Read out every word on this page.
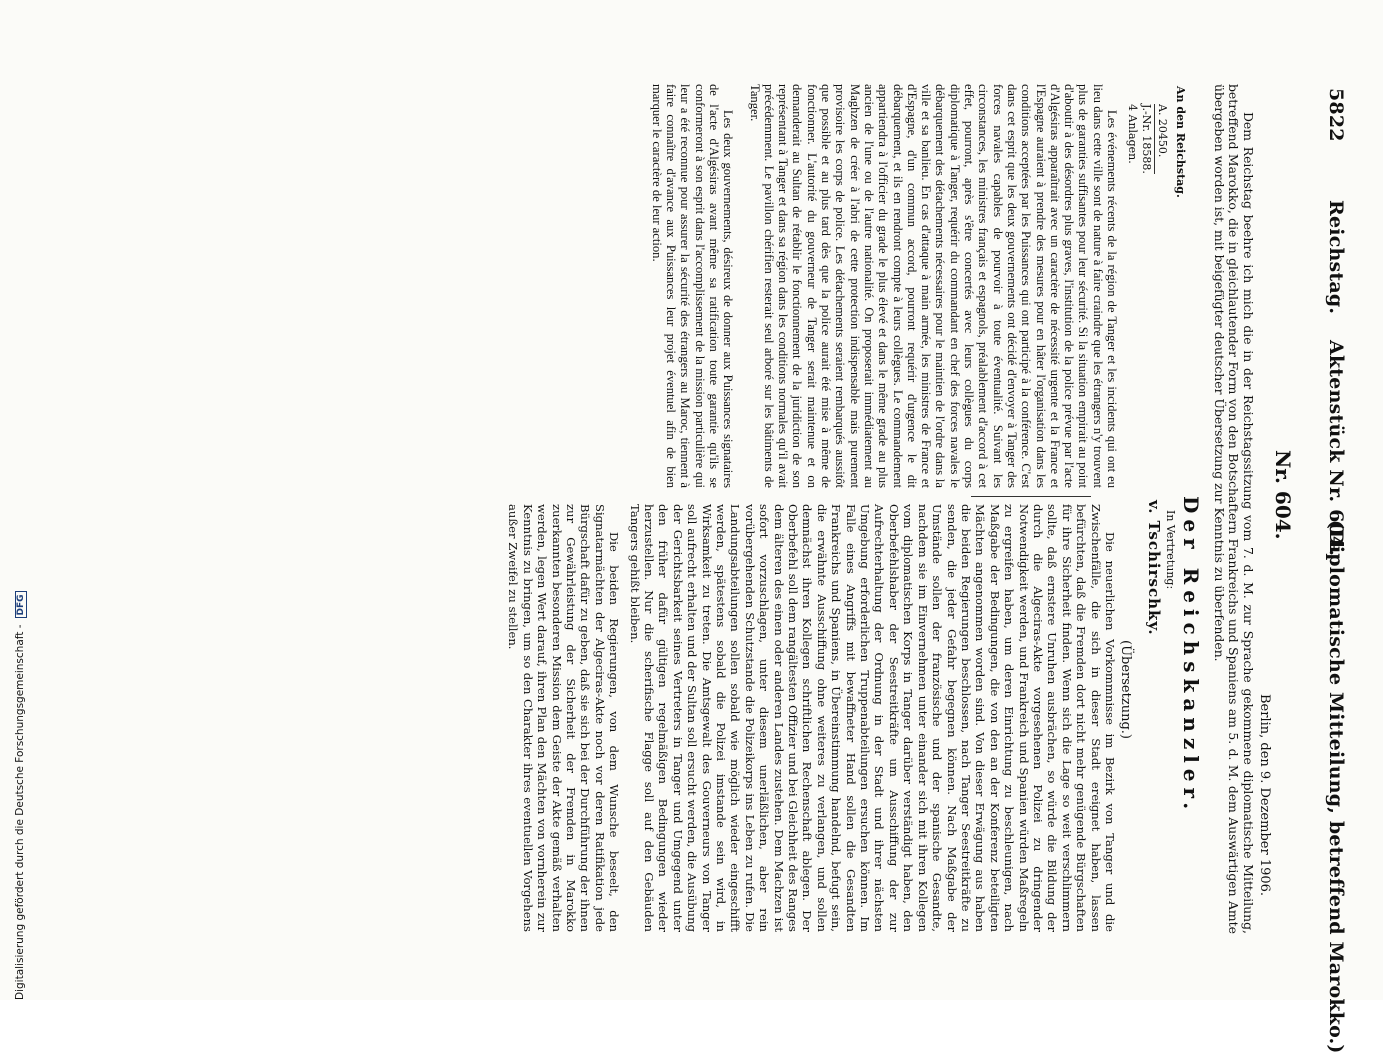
5822
Reichstag.
Aktenstück Nr. 604.
(Diplomatische Mitteilung, betreffend Marokko.)
Nr. 604.
Berlin, den 9. Dezember 1906.

Dem Reichstag beehre ich mich die in der Reichstagssitzung vom 7. d. M. zur Sprache gekommene diplomatische Mitteilung, betreffend Marokko, die in gleichlautender Form von den Botschaftern Frankreichs und Spaniens am 5. d. M. dem Auswärtigen Amte übergeben worden ist, mit beigefügter deutscher Übersetzung zur Kenntnis zu überfenden.

Der Reichskanzler.
In Vertretung:
v. Tschirschky.
An den Reichstag.
A. 20450.
J.-Nr. 18588.
4 Anlagen.

Les événements récents de la région de Tanger et les incidents qui ont eu lieu dans cette ville sont de nature à faire craindre que les étrangers n'y trouvent plus de garanties suffisantes pour leur sécurité. Si la situation empirait au point d'aboutir à des désordres plus graves, l'institution de la police prévue par l'acte d'Algésiras apparaîtrait avec un caractère de nécessité urgente et la France et l'Espagne auraient à prendre des mesures pour en hâter l'organisation dans les conditions acceptées par les Puissances qui ont participé à la conférence. C'est dans cet esprit que les deux gouvernements ont décidé d'envoyer à Tanger des forces navales capables de pourvoir à toute éventualité. Suivant les circonstances, les ministres français et espagnols, préalablement d'accord à cet effet, pourront, après s'être concertés avec leurs collègues du corps diplomatique à Tanger, requérir du commandant en chef des forces navales le débarquement des détachements nécessaires pour le maintien de l'ordre dans la ville et sa banlieu. En cas d'attaque à main armée, les ministres de France et d'Espagne, d'un commun accord, pourront requérir d'urgence le dit débarquement, et ils en rendront compte à leurs collègues. Le commandement appartiendra à l'officier du grade le plus élevé et dans le même grade au plus ancien de l'une ou de l'autre nationalité. On proposerait immédiatement au Maghzen de créer à l'abri de cette protection indispensable mais purement provisoire les corps de police. Les détachements seraient rembarqués aussitôt que possible et au plus tard dès que la police aurait été mise à même de fonctionner. L'autorité du gouverneur de Tanger serait maintenue et on demanderait au Sultan de rétablir le fonctionnement de la juridiction de son représentant à Tanger et dans sa région dans les conditions normales qu'il avait précédemment. Le pavillon chérifien resterait seul arboré sur les bâtiments de Tanger.

Les deux gouvernements, désireux de donner aux Puissances signataires de l'acte d'Algésiras avant même sa ratification toute garantie qu'ils se conformeront à son esprit dans l'accomplissement de la mission particulière qui leur a été reconnue pour assurer la sécurité des étrangers au Maroc, tiennent à faire connaître d'avance aux Puissances leur projet éventuel afin de bien marquer le caractère de leur action.

(Übersetzung.)

Die neuerlichen Vorkommnisse im Bezirk von Tanger und die Zwischenfälle, die sich in dieser Stadt ereignet haben, lassen befürchten, daß die Fremden dort nicht mehr genügende Bürgschaften für ihre Sicherheit finden. Wenn sich die Lage so weit verschlimmern sollte, daß ernstere Unruhen ausbrächen, so würde die Bildung der durch die Algeciras-Akte vorgesehenen Polizei zu dringender Notwendigkeit werden, und Frankreich und Spanien würden Maßregeln zu ergreifen haben, um deren Einrichtung zu beschleunigen, nach Maßgabe der Bedingungen, die von den an der Konferenz beteiligten Mächten angenommen worden sind. Von dieser Erwägung aus haben die beiden Regierungen beschlossen, nach Tanger Seestreitkräfte zu senden, die jeder Gefahr begegnen können. Nach Maßgabe der Umstände sollen der französische und der spanische Gesandte, nachdem sie im Einvernehmen unter einander sich mit ihren Kollegen vom diplomatischen Korps in Tanger darüber verständigt haben, den Oberbefehlshaber der Seestreitkräfte um Ausschiffung der zur Aufrechterhaltung der Ordnung in der Stadt und ihrer nächsten Umgebung erforderlichen Truppenabteilungen ersuchen können. Im Falle eines Angriffs mit bewaffneter Hand sollen die Gesandten Frankreichs und Spaniens, in Übereinstimmung handelnd, befugt sein, die erwähnte Ausschiffung ohne weiteres zu verlangen, und sollen demnächst ihren Kollegen schriftlichen Rechenschaft ablegen. Der Oberbefehl soll dem rangältesten Offizier und bei Gleichheit des Ranges dem älteren des einen oder anderen Landes zustehen. Dem Machzen ist sofort vorzuschlagen, unter diesem unerläßlichen, aber rein vorübergehenden Schutzstande die Polizeikorps ins Leben zu rufen. Die Landungsabteilungen sollen sobald wie möglich wieder eingeschifft werden, spätestens sobald die Polizei imstande sein wird, in Wirksamkeit zu treten. Die Amtsgewalt des Gouverneurs von Tanger soll aufrecht erhalten und der Sultan soll ersucht werden, die Ausübung der Gerichtsbarkeit seines Vertreters in Tanger und Umgegend unter den früher dafür gültigen regelmäßigen Bedingungen wieder herzustellen. Nur die scherifische Flagge soll auf den Gebäuden Tangers gehißt bleiben.

Die beiden Regierungen, von dem Wunsche beseelt, den Signatarmächten der Algeciras-Akte noch vor deren Ratifikation jede Bürgschaft dafür zu geben, daß sie sich bei der Durchführung der ihnen zur Gewährleistung der Sicherheit der Fremden in Marokko zuerkannten besonderen Mission dem Geiste der Akte gemäß verhalten werden, legen Wert darauf, ihren Plan den Mächten von vornherein zur Kenntnis zu bringen, um so den Charakter ihres eventuellen Vorgehens außer Zweifel zu stellen.

Digitalisierung gefördert durch die Deutsche Forschungsgemeinschaft -DFG
